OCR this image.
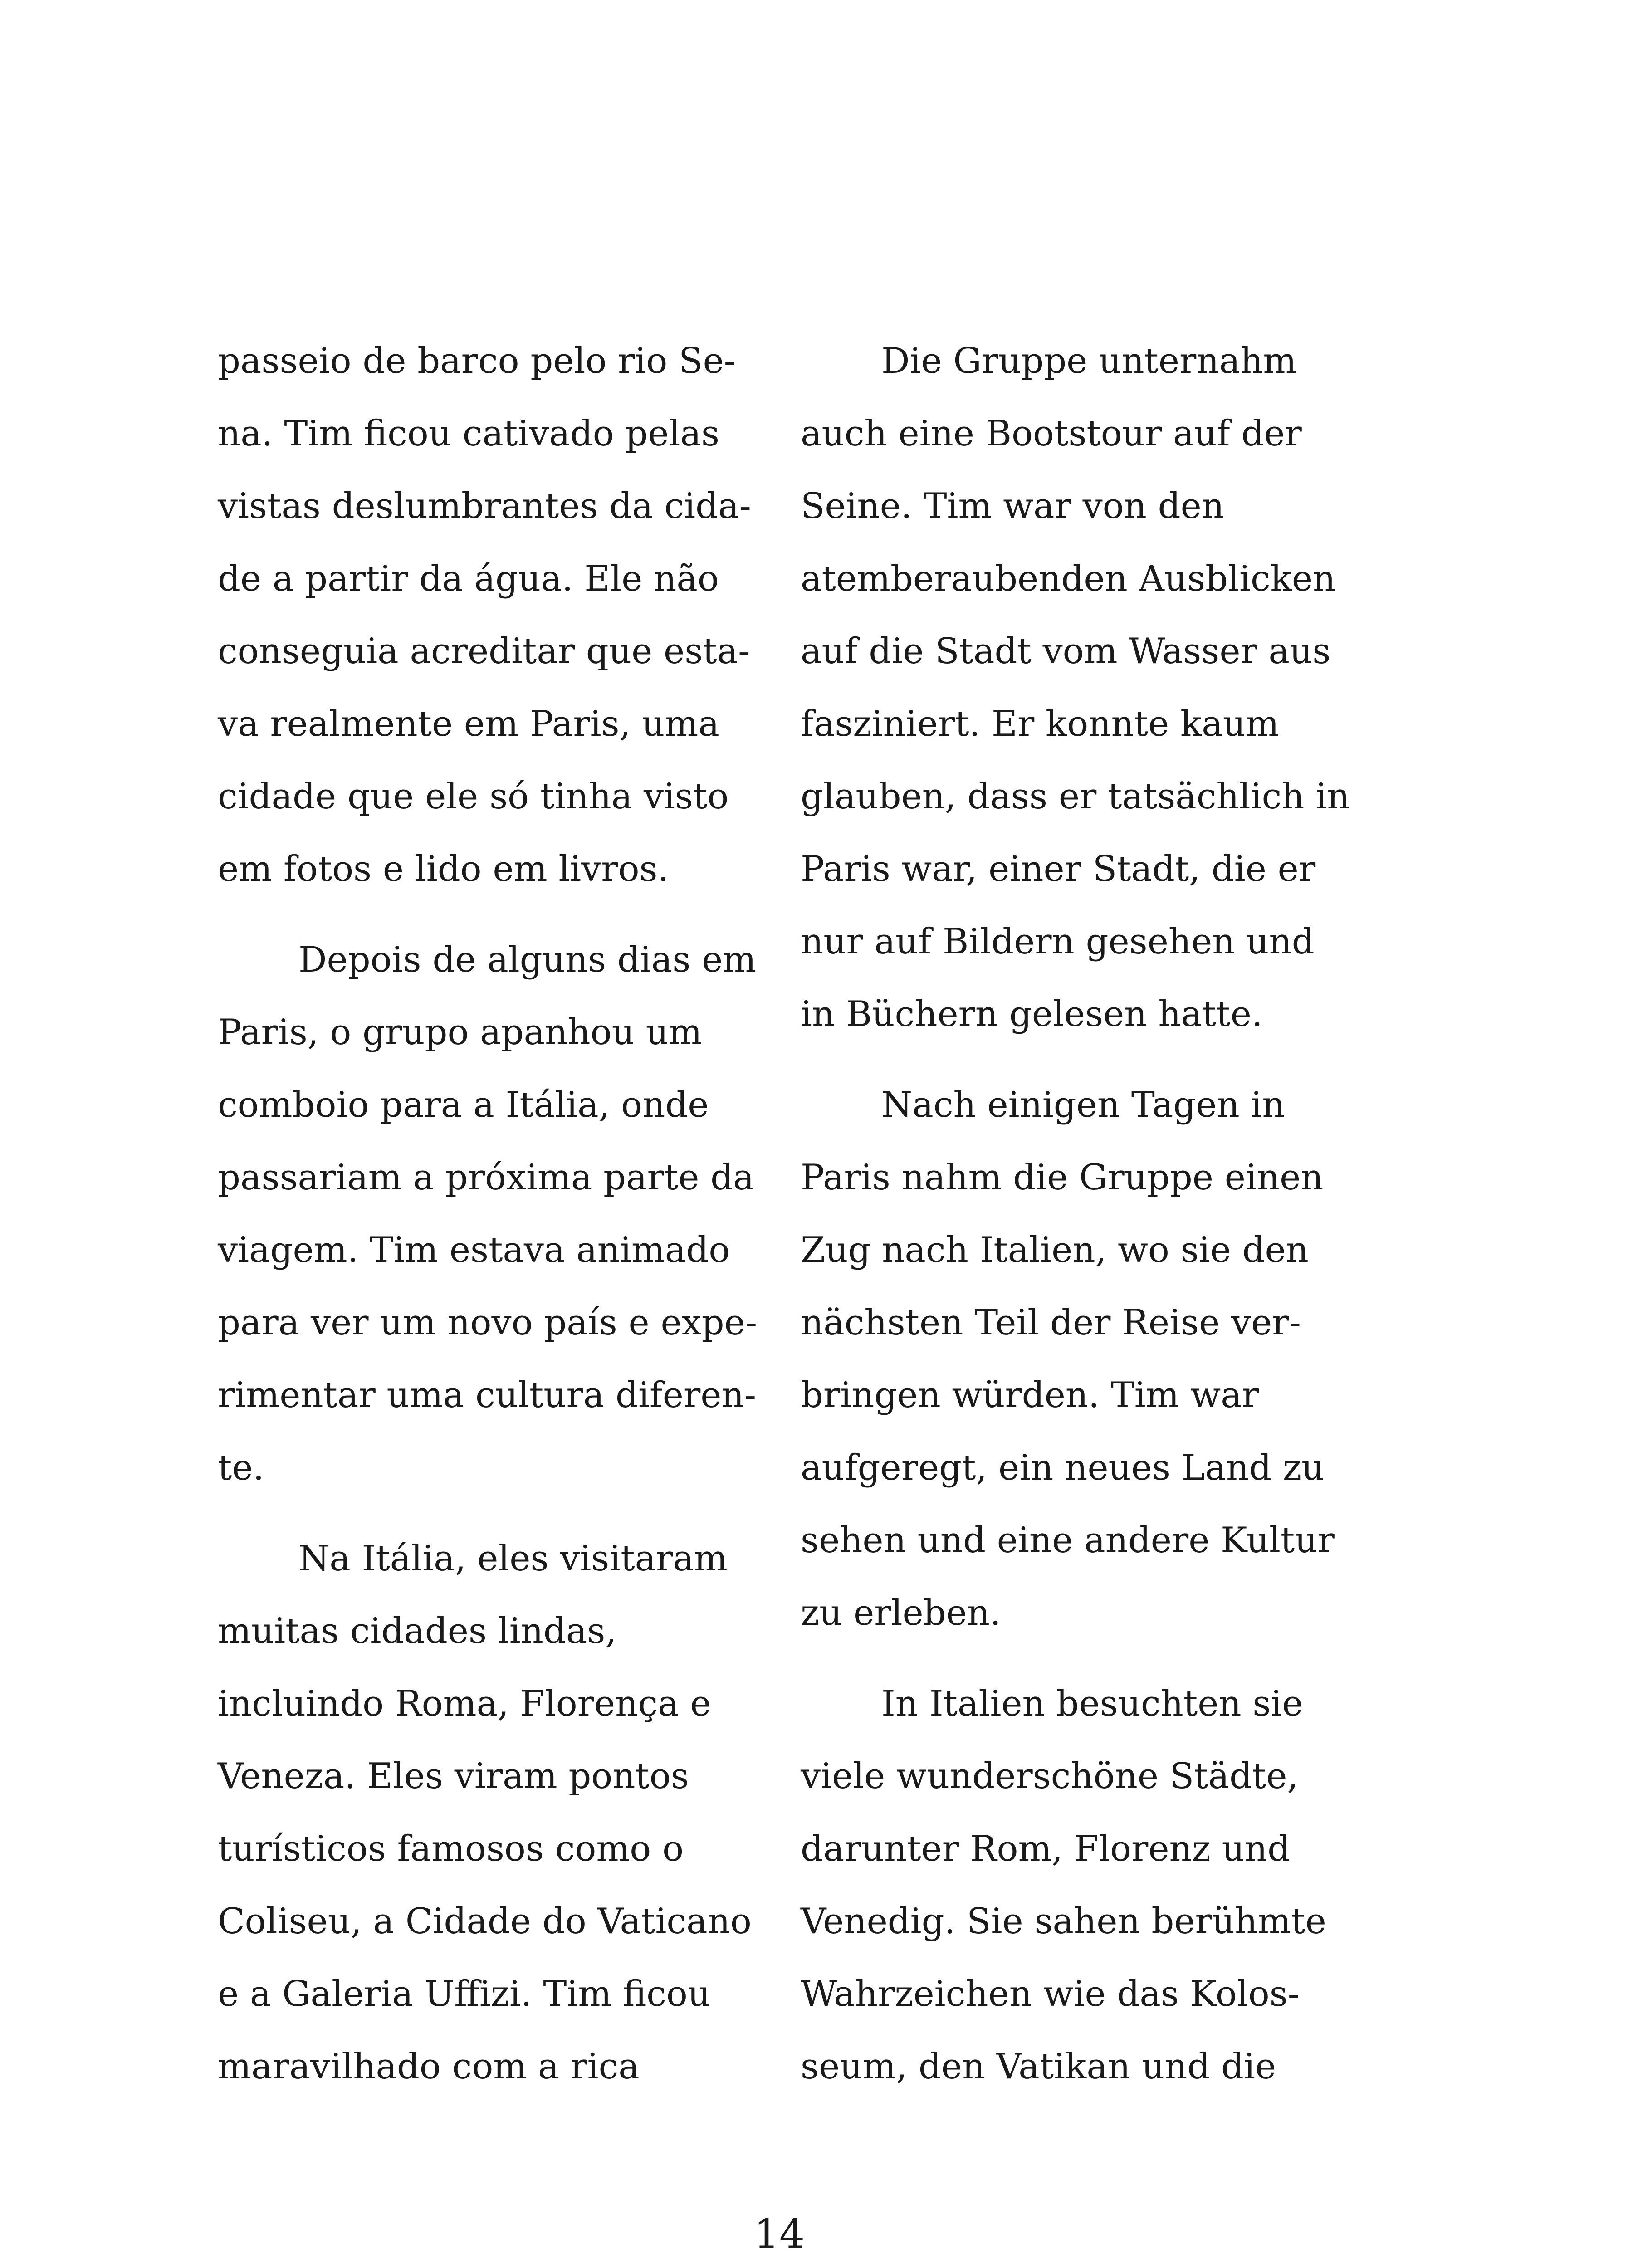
passeio de barco pelo rio Se-

na. Tim ficou cativado pelas

vistas deslumbrantes da cida-

de a partir da água. Ele não

conseguia acreditar que esta-

va realmente em Paris, uma

cidade que ele só tinha visto

em fotos e lido em livros.

Depois de alguns dias em

Paris, o grupo apanhou um

comboio para a Itália, onde

passariam a próxima parte da

viagem. Tim estava animado

para ver um novo país e expe-

rimentar uma cultura diferen-

te.

Na Itália, eles visitaram

muitas cidades lindas,

incluindo Roma, Florença e

Veneza. Eles viram pontos

turísticos famosos como o

Coliseu, a Cidade do Vaticano

e a Galeria Uffizi. Tim ficou

maravilhado com a rica

Die Gruppe unternahm

auch eine Bootstour auf der

Seine. Tim war von den

atemberaubenden Ausblicken

auf die Stadt vom Wasser aus

fasziniert. Er konnte kaum

glauben, dass er tatsächlich in

Paris war, einer Stadt, die er

nur auf Bildern gesehen und

in Büchern gelesen hatte.

Nach einigen Tagen in

Paris nahm die Gruppe einen

Zug nach Italien, wo sie den

nächsten Teil der Reise ver-

bringen würden. Tim war

aufgeregt, ein neues Land zu

sehen und eine andere Kultur

zu erleben.

In Italien besuchten sie

viele wunderschöne Städte,

darunter Rom, Florenz und

Venedig. Sie sahen berühmte

Wahrzeichen wie das Kolos-

seum, den Vatikan und die

14
